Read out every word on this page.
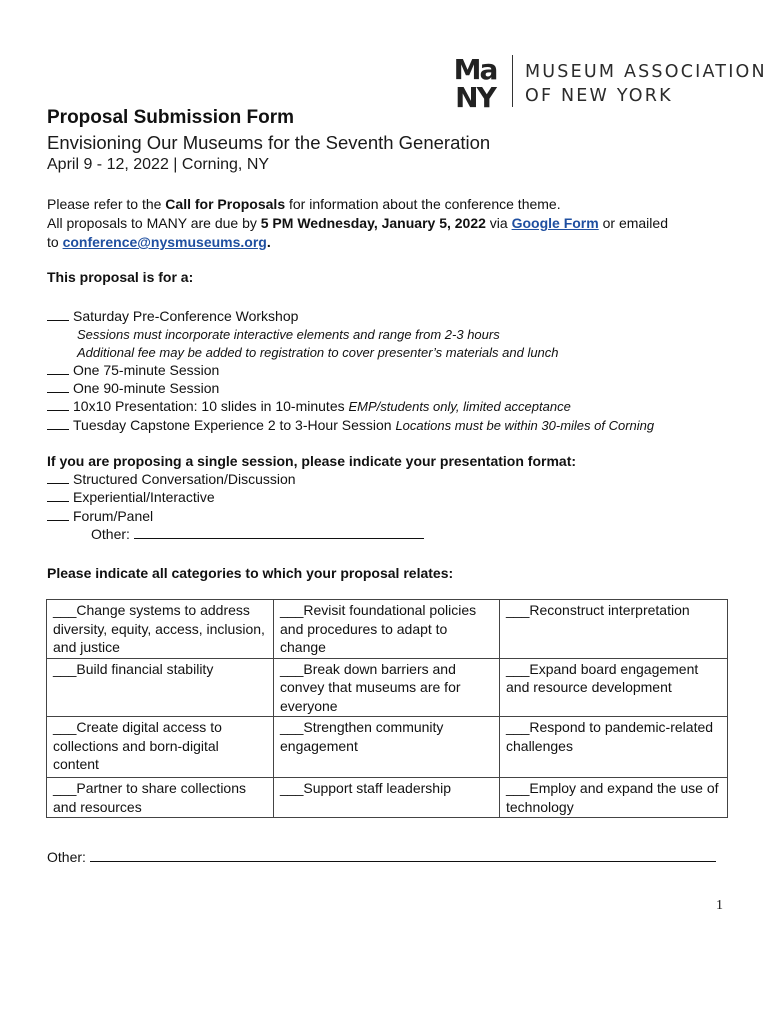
Ma
NY
MUSEUM ASSOCIATION
OF NEW YORK
Proposal Submission Form
Envisioning Our Museums for the Seventh Generation
April 9 - 12, 2022 | Corning, NY
Please refer to the Call for Proposals for information about the conference theme.
All proposals to MANY are due by 5 PM Wednesday, January 5, 2022 via Google Form or emailed
to conference@nysmuseums.org.
This proposal is for a:
Saturday Pre-Conference Workshop
Sessions must incorporate interactive elements and range from 2-3 hours
Additional fee may be added to registration to cover presenter’s materials and lunch
One 75-minute Session
One 90-minute Session
10x10 Presentation: 10 slides in 10-minutes EMP/students only, limited acceptance
Tuesday Capstone Experience 2 to 3-Hour Session Locations must be within 30-miles of Corning
If you are proposing a single session, please indicate your presentation format:
Structured Conversation/Discussion
Experiential/Interactive
Forum/Panel
Other:
Please indicate all categories to which your proposal relates:
___Change systems to address diversity, equity, access, inclusion, and justice	___Revisit foundational policies and procedures to adapt to change	___Reconstruct interpretation
___Build financial stability	___Break down barriers and convey that museums are for everyone	___Expand board engagement and resource development
___Create digital access to collections and born-digital content	___Strengthen community engagement	___Respond to pandemic-related challenges
___Partner to share collections and resources	___Support staff leadership	___Employ and expand the use of technology
Other:
1
